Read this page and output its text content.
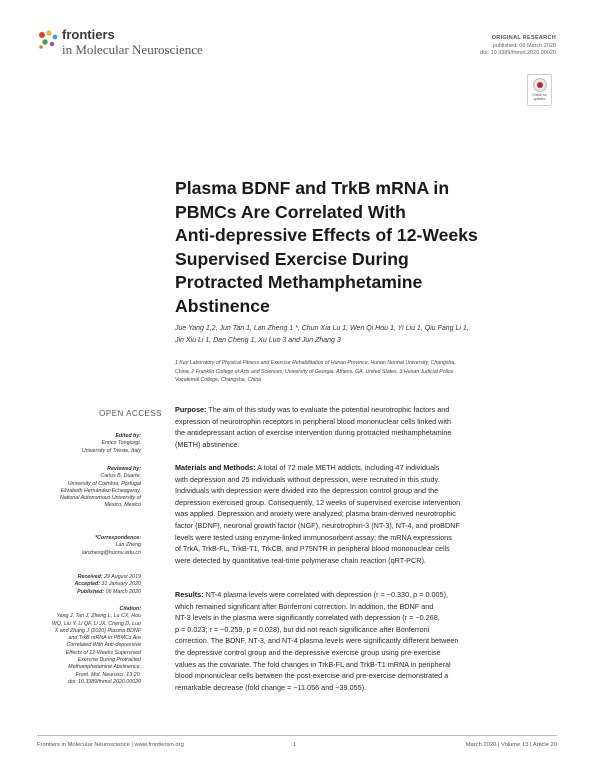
frontiers
in Molecular Neuroscience
ORIGINAL RESEARCH
published: 06 March 2020
doi: 10.3389/fnmol.2020.00020
Check for updates
Plasma BDNF and TrkB mRNA in
PBMCs Are Correlated With
Anti-depressive Effects of 12-Weeks
Supervised Exercise During
Protracted Methamphetamine
Abstinence
Jue Yang 1,2, Jun Tan 1, Lan Zheng 1 *, Chun Xia Lu 1, Wen Qi Hou 1, Yi Liu 1, Qiu Fang Li 1,
Jin Xiu Li 1, Dan Cheng 1, Xu Luo 3 and Jun Zhang 3
1 Key Laboratory of Physical Fitness and Exercise Rehabilitation of Hunan Province, Hunan Normal University, Changsha,
China, 2 Franklin College of Arts and Sciences, University of Georgia, Athens, GA, United States, 3 Hunan Judicial Police
Vocational College, Changsha, China
OPEN ACCESS
Edited by:
Enrico Tongiorgi,
University of Trieste, Italy
Reviewed by:
Carlos B. Duarte,
University of Coimbra, Portugal
Elizabeth Hernández-Echeagaray,
National Autonomous University of
Mexico, Mexico
*Correspondence:
Lan Zheng
lanzheng@hunnu.edu.cn
Received: 29 August 2019
Accepted: 31 January 2020
Published: 06 March 2020
Citation:
Yang J, Tan J, Zheng L, Lu CX, Hou
WQ, Liu Y, Li QF, Li JX, Cheng D, Luo
X and Zhang J (2020) Plasma BDNF
and TrkB mRNA in PBMCs Are
Correlated With Anti-depressive
Effects of 12-Weeks Supervised
Exercise During Protracted
Methamphetamine Abstinence.
Front. Mol. Neurosci. 13:20.
doi: 10.3389/fnmol.2020.00020
Purpose: The aim of this study was to evaluate the potential neurotrophic factors and
expression of neurotrophin receptors in peripheral blood mononuclear cells linked with
the antidepressant action of exercise intervention during protracted methamphetamine
(METH) abstinence.
Materials and Methods: A total of 72 male METH addicts, including 47 individuals
with depression and 25 individuals without depression, were recruited in this study.
Individuals with depression were divided into the depression control group and the
depression exercised group. Consequently, 12 weeks of supervised exercise intervention
was applied. Depression and anxiety were analyzed; plasma brain-derived neurotrophic
factor (BDNF), neuronal growth factor (NGF), neurotrophin-3 (NT-3), NT-4, and proBDNF
levels were tested using enzyme-linked immunosorbent assay; the mRNA expressions
of TrkA, TrkB-FL, TrkB-T1, TrkCB, and P75NTR in peripheral blood mononuclear cells
were detected by quantitative real-time polymerase chain reaction (qRT-PCR).
Results: NT-4 plasma levels were correlated with depression (r = −0.330, p = 0.005),
which remained significant after Bonferroni correction. In addition, the BDNF and
NT-3 levels in the plasma were significantly correlated with depression (r = −0.268,
p = 0.023; r = −0.259, p = 0.028), but did not reach significance after Bonferroni
correction. The BDNF, NT-3, and NT-4 plasma levels were significantly different between
the depressive control group and the depressive exercise group using pre-exercise
values as the covariate. The fold changes in TrkB-FL and TrkB-T1 mRNA in peripheral
blood mononuclear cells between the post-exercise and pre-exercise demonstrated a
remarkable decrease (fold change = −11.056 and −39.055).
Frontiers in Molecular Neuroscience | www.frontiersin.org	1	March 2020 | Volume 13 | Article 20
